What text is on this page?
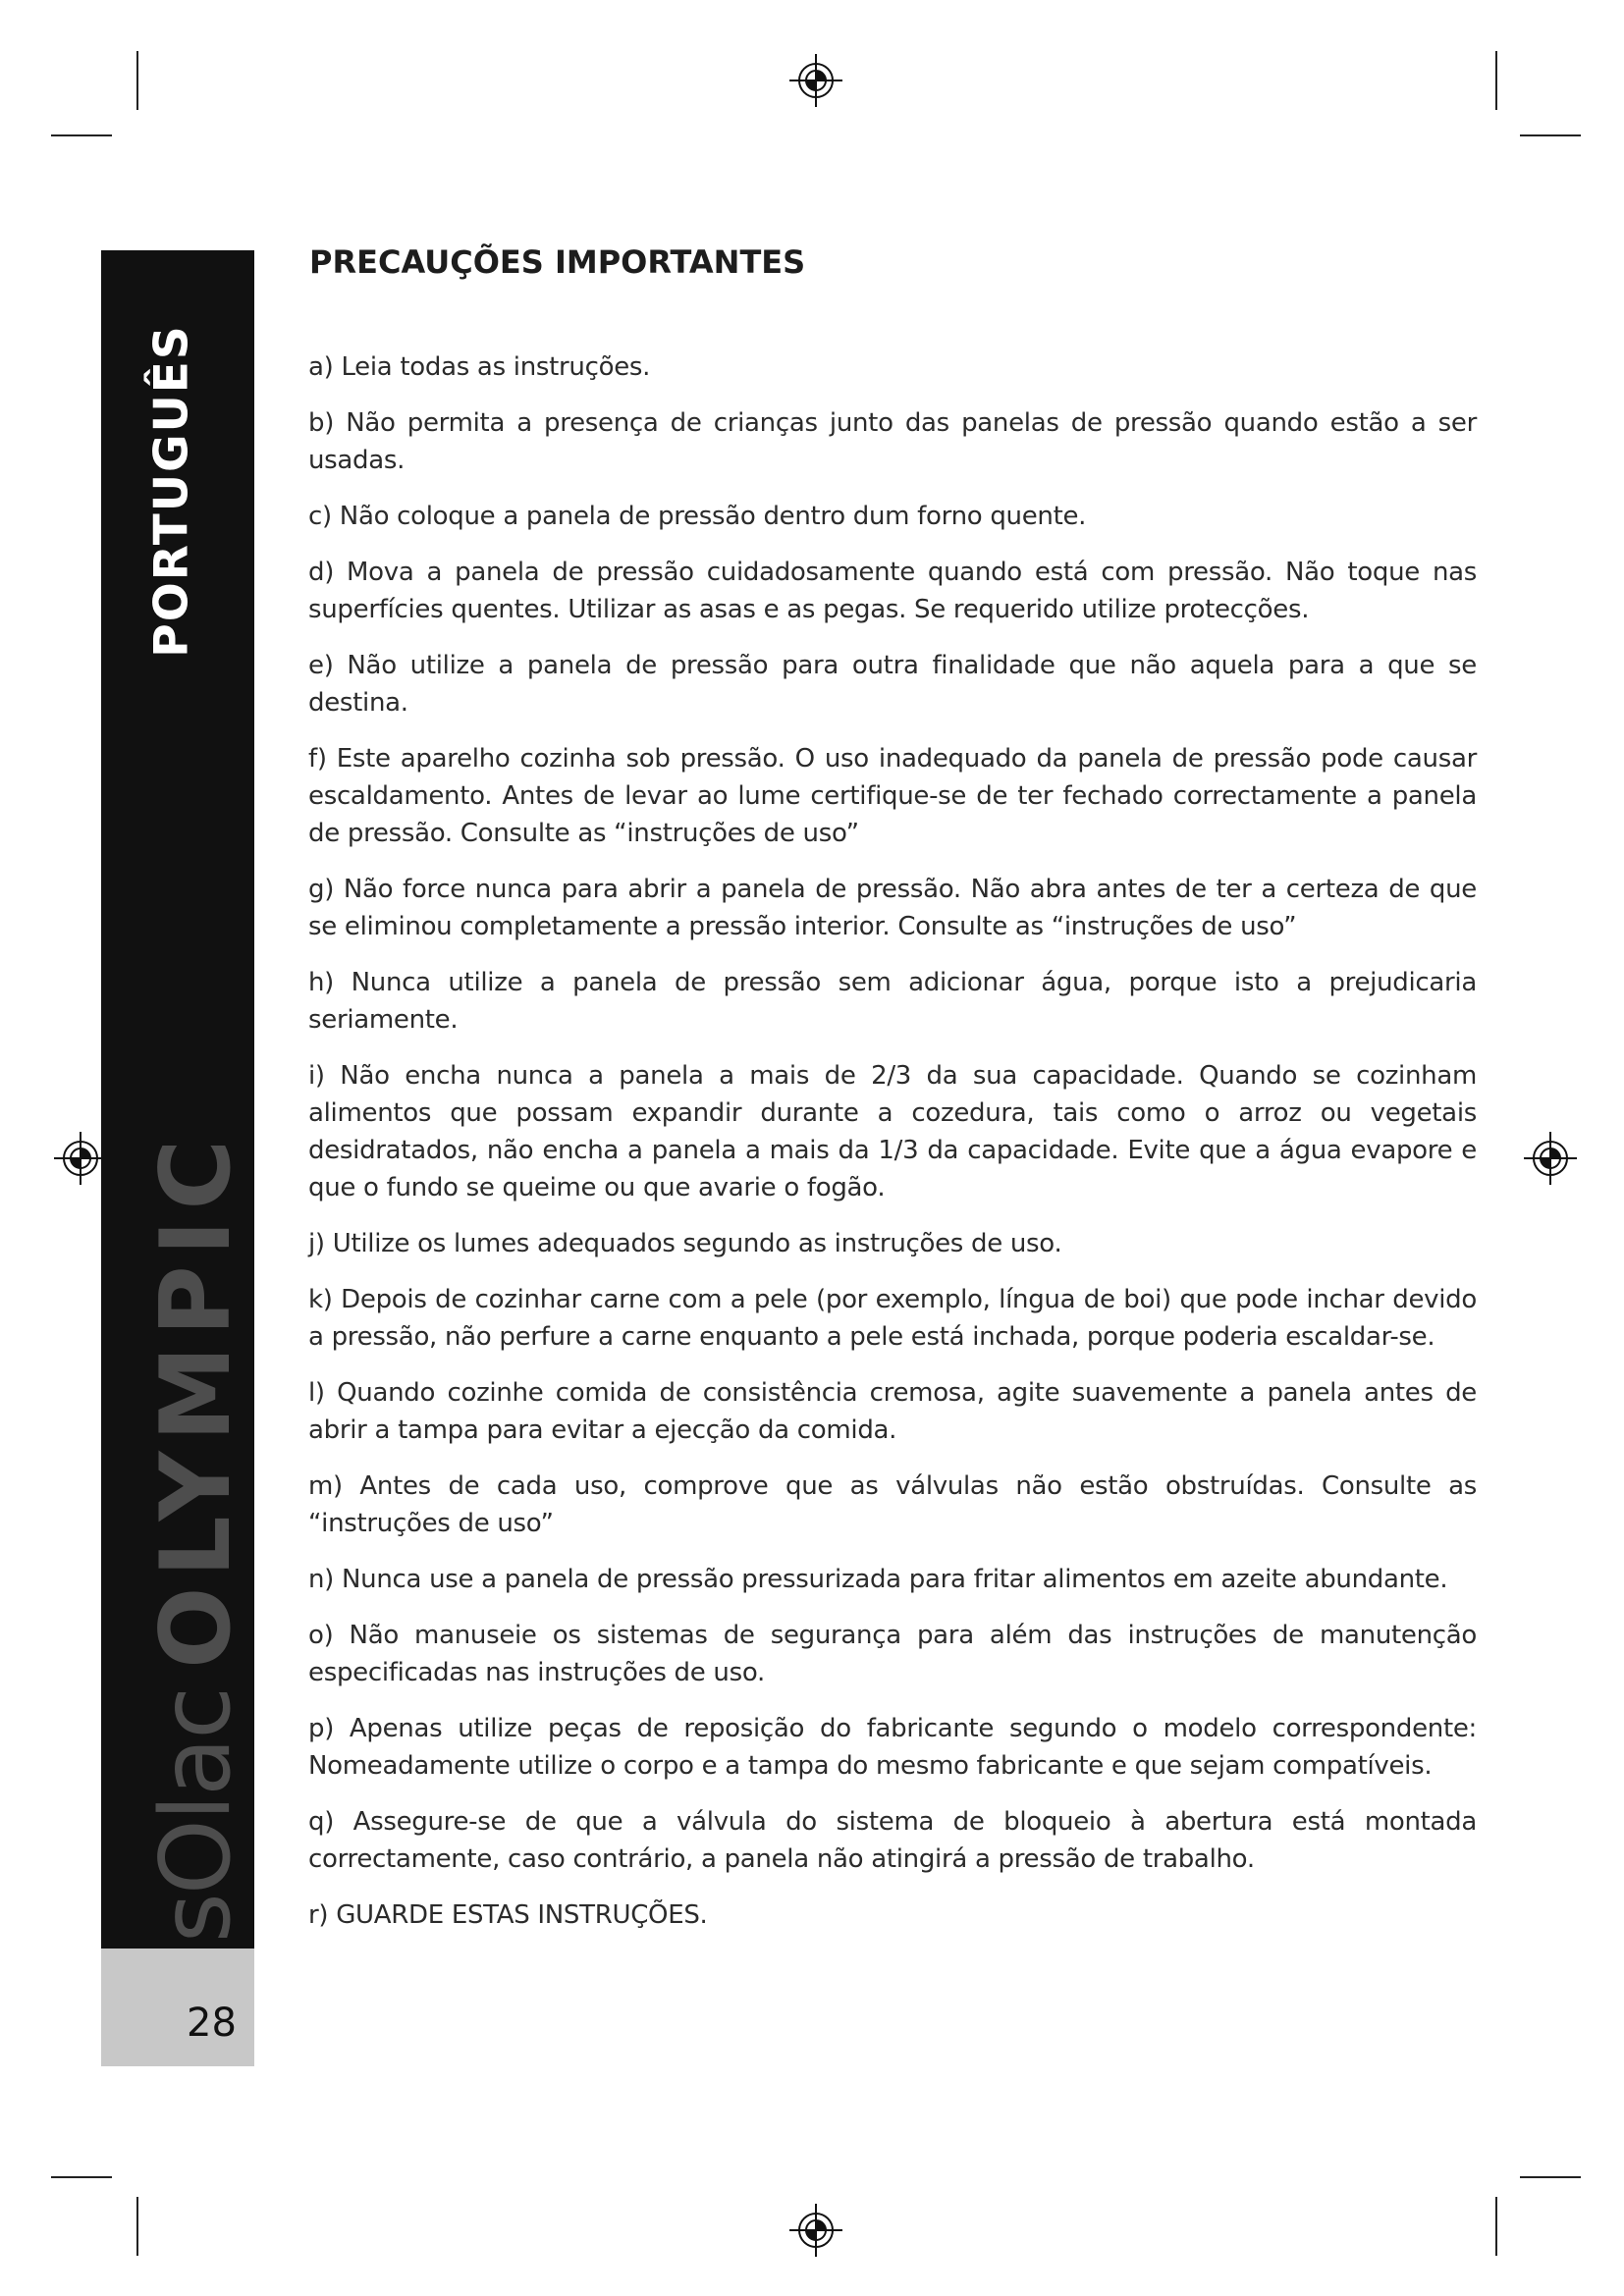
PORTUGUÊS
sOlacOLYMPIC
28
PRECAUÇÕES IMPORTANTES

a) Leia todas as instruções.

b) Não permita a presença de crianças junto das panelas de pressão quando estão a ser usadas.

c) Não coloque a panela de pressão dentro dum forno quente.

d) Mova a panela de pressão cuidadosamente quando está com pressão. Não toque nas superfícies quentes. Utilizar as asas e as pegas. Se requerido utilize protecções.

e) Não utilize a panela de pressão para outra finalidade que não aquela para a que se destina.

f) Este aparelho cozinha sob pressão. O uso inadequado da panela de pressão pode causar escaldamento. Antes de levar ao lume certifique-se de ter fechado correctamente a panela de pressão. Consulte as “instruções de uso”

g) Não force nunca para abrir a panela de pressão. Não abra antes de ter a certeza de que se eliminou completamente a pressão interior. Consulte as “instruções de uso”

h) Nunca utilize a panela de pressão sem adicionar água, porque isto a prejudicaria seriamente.

i) Não encha nunca a panela a mais de 2/3 da sua capacidade. Quando se cozinham alimentos que possam expandir durante a cozedura, tais como o arroz ou vegetais desidratados, não encha a panela a mais da 1/3 da capacidade. Evite que a água evapore e que o fundo se queime ou que avarie o fogão.

j) Utilize os lumes adequados segundo as instruções de uso.

k) Depois de cozinhar carne com a pele (por exemplo, língua de boi) que pode inchar devido a pressão, não perfure a carne enquanto a pele está inchada, porque poderia escaldar-se.

l) Quando cozinhe comida de consistência cremosa, agite suavemente a panela antes de abrir a tampa para evitar a ejecção da comida.

m) Antes de cada uso, comprove que as válvulas não estão obstruídas. Consulte as “instruções de uso”

n) Nunca use a panela de pressão pressurizada para fritar alimentos em azeite abundante.

o) Não manuseie os sistemas de segurança para além das instruções de manutenção especificadas nas instruções de uso.

p) Apenas utilize peças de reposição do fabricante segundo o modelo correspondente: Nomeadamente utilize o corpo e a tampa do mesmo fabricante e que sejam compatíveis.

q) Assegure-se de que a válvula do sistema de bloqueio à abertura está montada correctamente, caso contrário, a panela não atingirá a pressão de trabalho.

r) GUARDE ESTAS INSTRUÇÕES.
